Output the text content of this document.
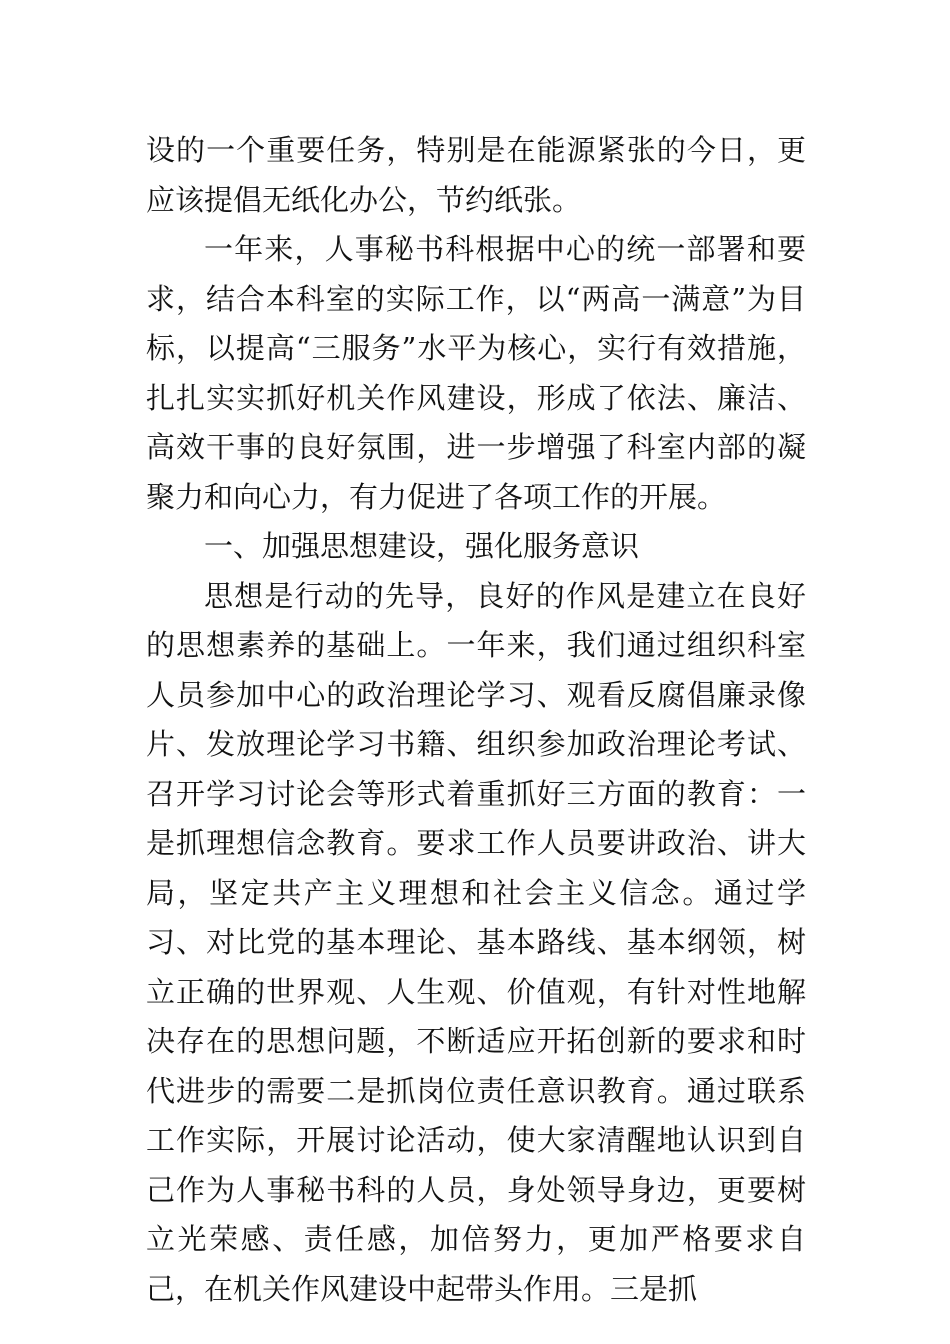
设的一个重要任务，特别是在能源紧张的今日，更应该提倡无纸化办公，节约纸张。

一年来，人事秘书科根据中心的统一部署和要求，结合本科室的实际工作，以“两高一满意”为目标，以提高“三服务”水平为核心，实行有效措施，扎扎实实抓好机关作风建设，形成了依法、廉洁、高效干事的良好氛围，进一步增强了科室内部的凝聚力和向心力，有力促进了各项工作的开展。

一、加强思想建设，强化服务意识

思想是行动的先导，良好的作风是建立在良好的思想素养的基础上。一年来，我们通过组织科室人员参加中心的政治理论学习、观看反腐倡廉录像片、发放理论学习书籍、组织参加政治理论考试、召开学习讨论会等形式着重抓好三方面的教育：一是抓理想信念教育。要求工作人员要讲政治、讲大局，坚定共产主义理想和社会主义信念。通过学习、对比党的基本理论、基本路线、基本纲领，树立正确的世界观、人生观、价值观，有针对性地解决存在的思想问题，不断适应开拓创新的要求和时代进步的需要二是抓岗位责任意识教育。通过联系工作实际，开展讨论活动，使大家清醒地认识到自己作为人事秘书科的人员，身处领导身边，更要树立光荣感、责任感，加倍努力，更加严格要求自己，在机关作风建设中起带头作用。三是抓
